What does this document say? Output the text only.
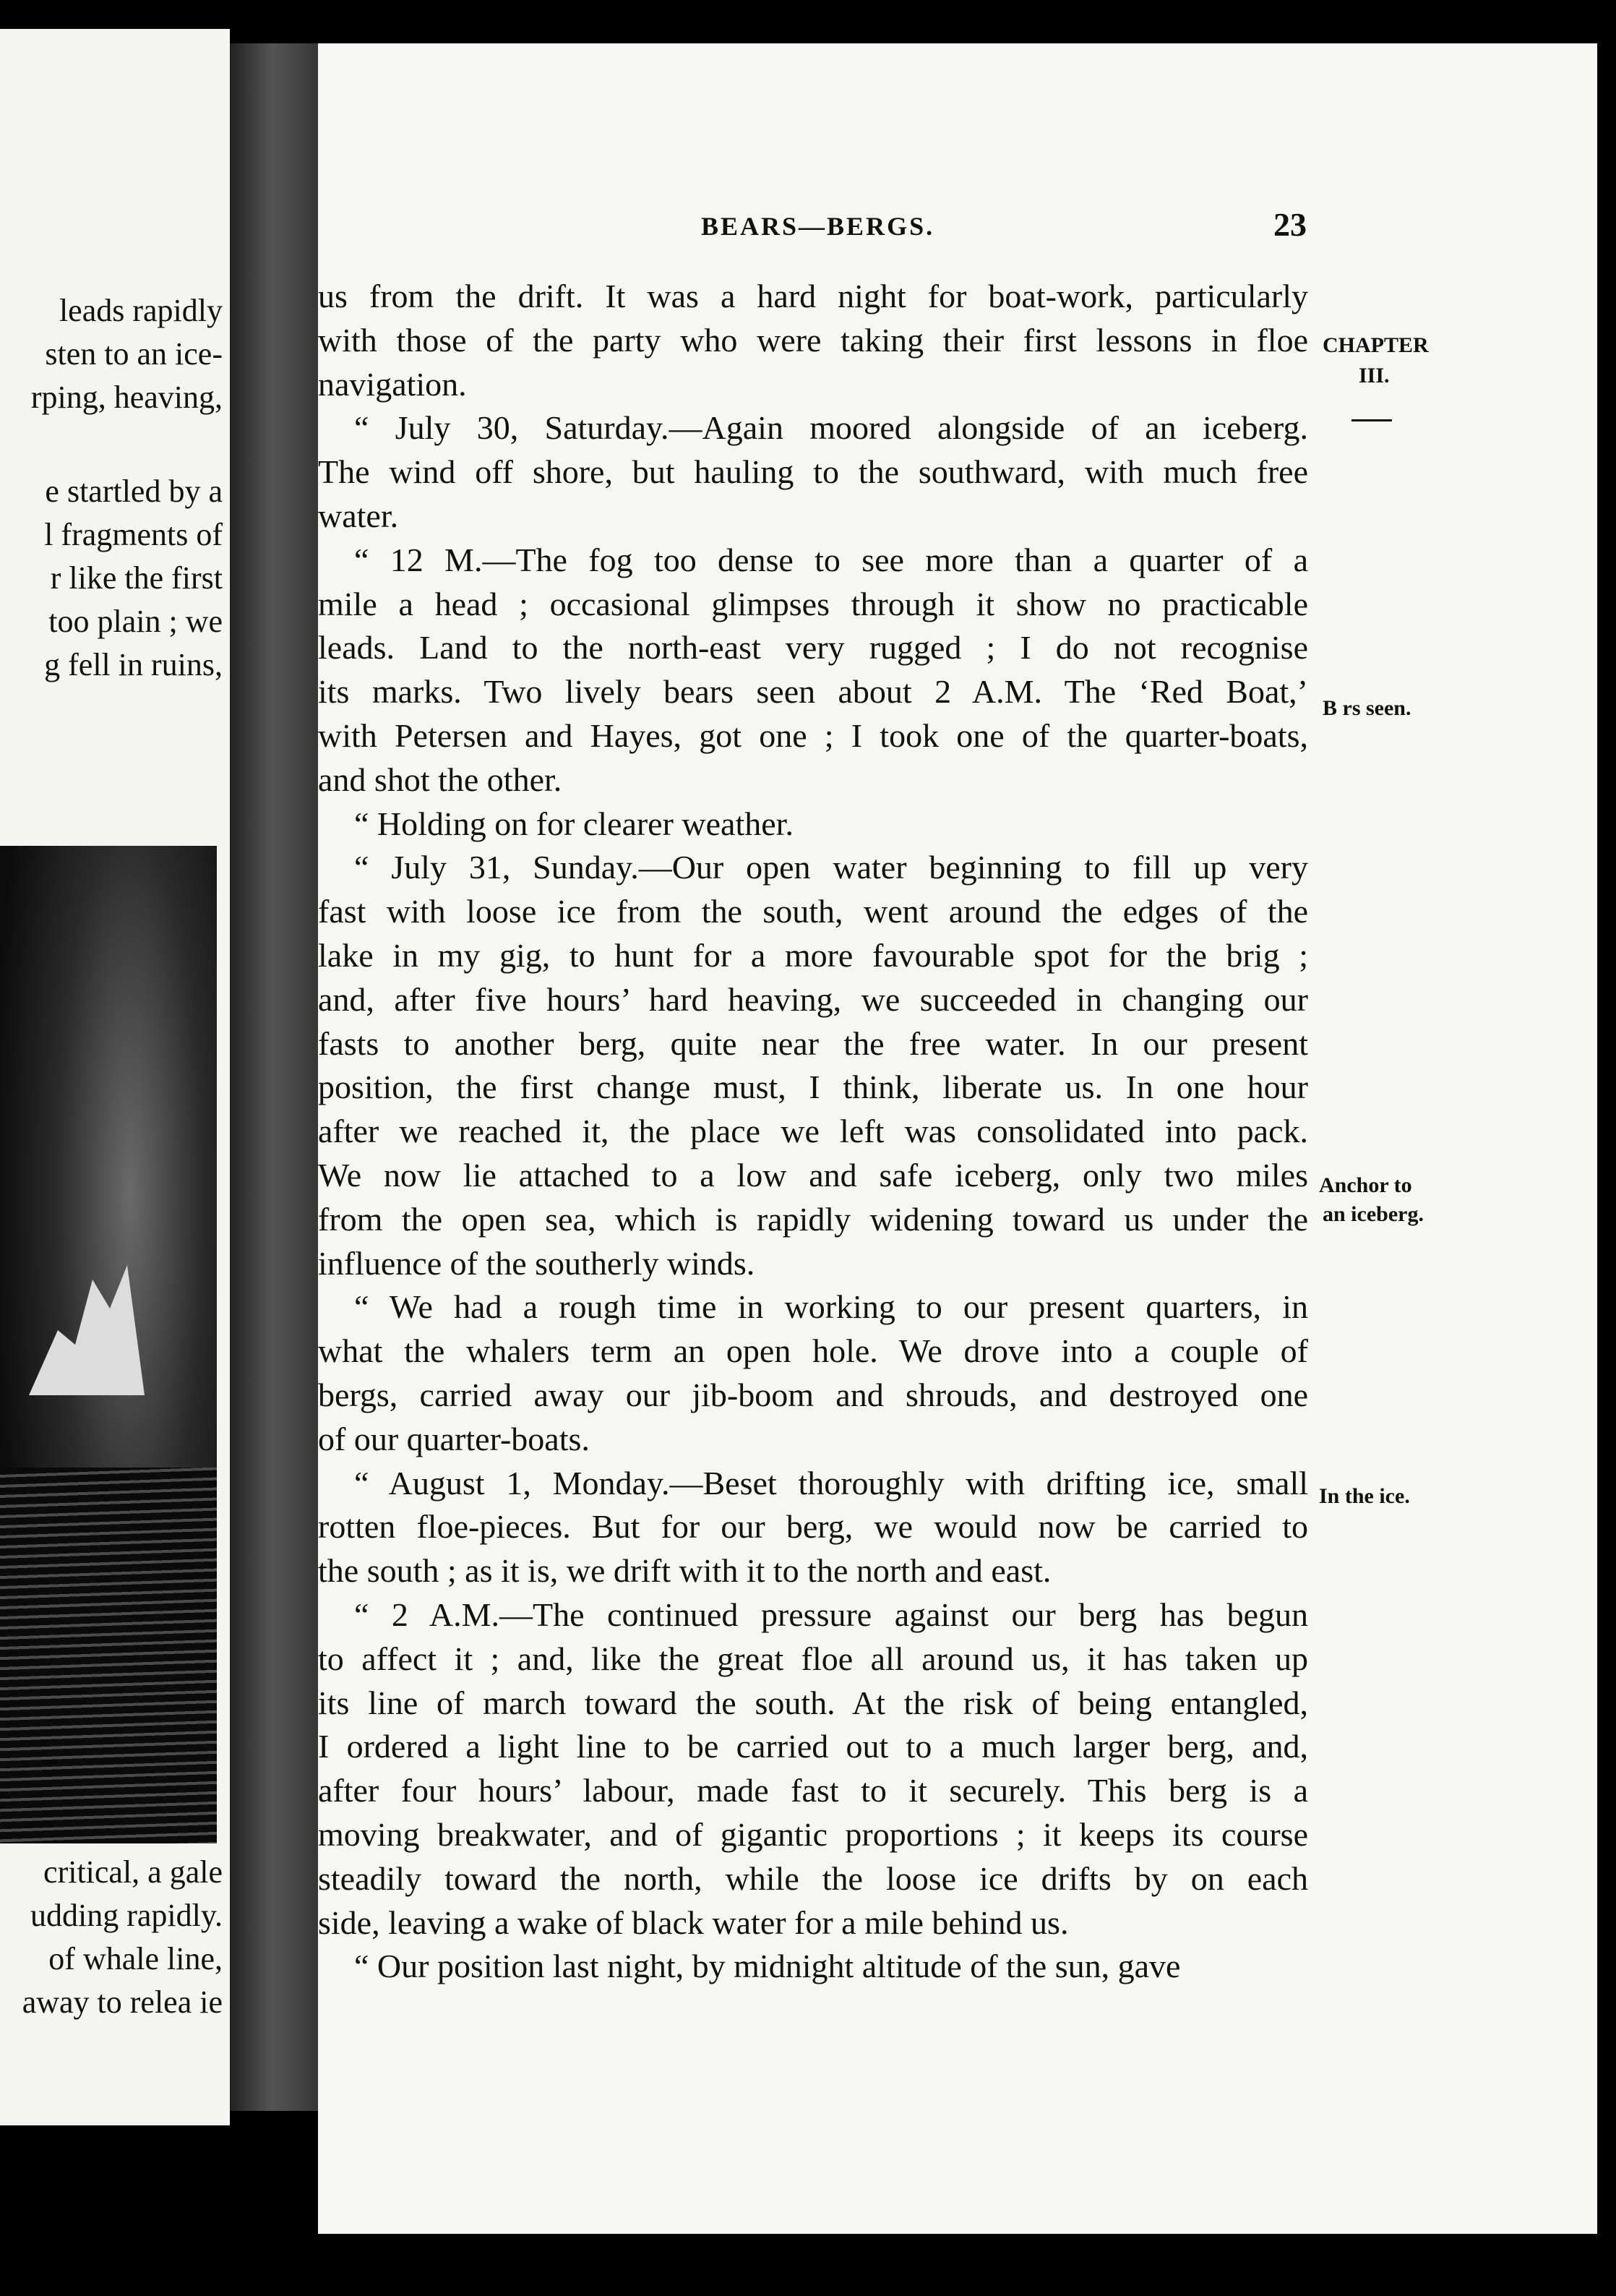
leads rapidly
sten to an ice-
rping, heaving,
e startled by a
l fragments of
r like the first
too plain ; we
g fell in ruins,
critical, a gale
udding rapidly.
of whale line,
away to relea ie
BEARS—BERGS.	23
us from the drift. It was a hard night for boat-work, particularly
with those of the party who were taking their first lessons in floe
navigation.
“ July 30, Saturday.—Again moored alongside of an iceberg.
The wind off shore, but hauling to the southward, with much free
water.
“ 12 M.—The fog too dense to see more than a quarter of a
mile a head ; occasional glimpses through it show no practicable
leads. Land to the north-east very rugged ; I do not recognise
its marks. Two lively bears seen about 2 A.M. The ‘Red Boat,’
with Petersen and Hayes, got one ; I took one of the quarter-boats,
and shot the other.
“ Holding on for clearer weather.
“ July 31, Sunday.—Our open water beginning to fill up very
fast with loose ice from the south, went around the edges of the
lake in my gig, to hunt for a more favourable spot for the brig ;
and, after five hours’ hard heaving, we succeeded in changing our
fasts to another berg, quite near the free water. In our present
position, the first change must, I think, liberate us. In one hour
after we reached it, the place we left was consolidated into pack.
We now lie attached to a low and safe iceberg, only two miles
from the open sea, which is rapidly widening toward us under the
influence of the southerly winds.
“ We had a rough time in working to our present quarters, in
what the whalers term an open hole. We drove into a couple of
bergs, carried away our jib-boom and shrouds, and destroyed one
of our quarter-boats.
“ August 1, Monday.—Beset thoroughly with drifting ice, small
rotten floe-pieces. But for our berg, we would now be carried to
the south ; as it is, we drift with it to the north and east.
“ 2 A.M.—The continued pressure against our berg has begun
to affect it ; and, like the great floe all around us, it has taken up
its line of march toward the south. At the risk of being entangled,
I ordered a light line to be carried out to a much larger berg, and,
after four hours’ labour, made fast to it securely. This berg is a
moving breakwater, and of gigantic proportions ; it keeps its course
steadily toward the north, while the loose ice drifts by on each
side, leaving a wake of black water for a mile behind us.
“ Our position last night, by midnight altitude of the sun, gave
CHAPTER
III.
B rs seen.
Anchor to
an iceberg.
In the ice.
